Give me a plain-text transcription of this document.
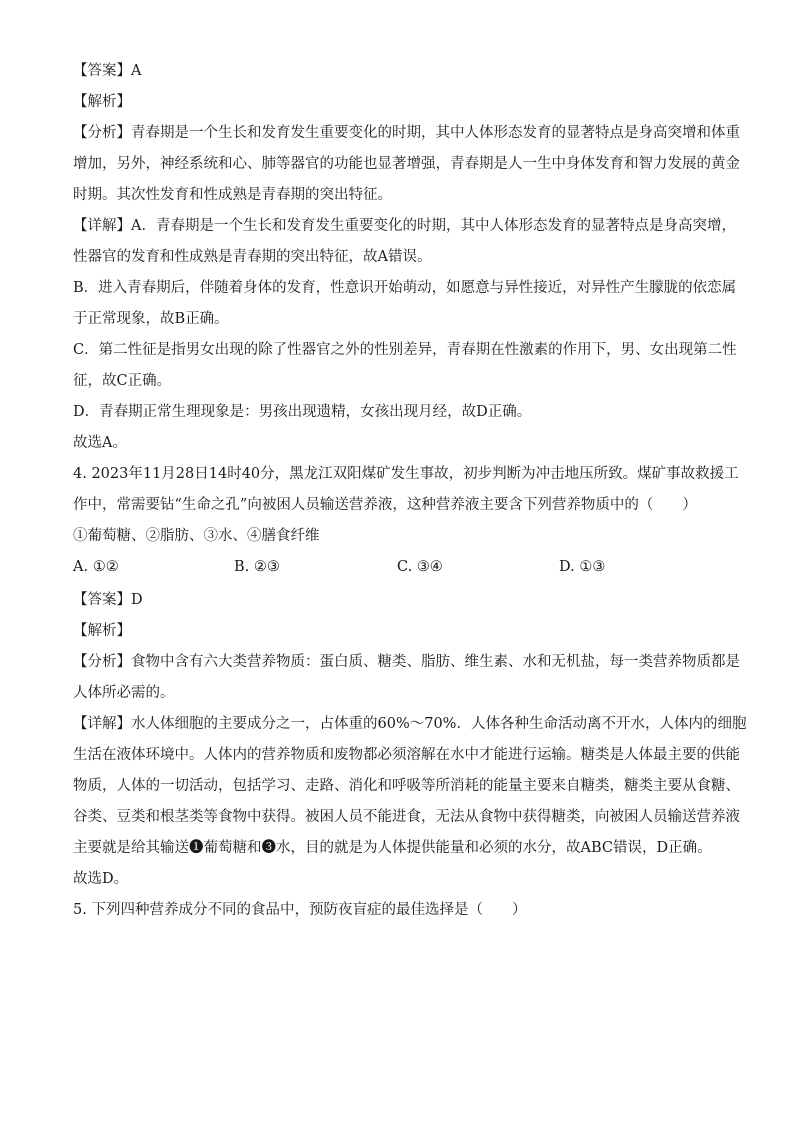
【答案】A
【解析】
【分析】青春期是一个生长和发育发生重要变化的时期，其中人体形态发育的显著特点是身高突增和体重
增加，另外，神经系统和心、肺等器官的功能也显著增强，青春期是人一生中身体发育和智力发展的黄金
时期。其次性发育和性成熟是青春期的突出特征。
【详解】A．青春期是一个生长和发育发生重要变化的时期，其中人体形态发育的显著特点是身高突增，
性器官的发育和性成熟是青春期的突出特征，故A错误。
B．进入青春期后，伴随着身体的发育，性意识开始萌动，如愿意与异性接近，对异性产生朦胧的依恋属
于正常现象，故B正确。
C．第二性征是指男女出现的除了性器官之外的性别差异，青春期在性激素的作用下，男、女出现第二性
征，故C正确。
D．青春期正常生理现象是：男孩出现遗精，女孩出现月经，故D正确。
故选A。
4. 2023年11月28日14时40分，黑龙江双阳煤矿发生事故，初步判断为冲击地压所致。煤矿事故救援工
作中，常需要钻“生命之孔”向被困人员输送营养液，这种营养液主要含下列营养物质中的（　　）
①葡萄糖、②脂肪、③水、④膳食纤维
A. ①②	B. ②③	C. ③④	D. ①③
【答案】D
【解析】
【分析】食物中含有六大类营养物质：蛋白质、糖类、脂肪、维生素、水和无机盐，每一类营养物质都是
人体所必需的。
【详解】水人体细胞的主要成分之一，占体重的60%～70%．人体各种生命活动离不开水，人体内的细胞
生活在液体环境中。人体内的营养物质和废物都必须溶解在水中才能进行运输。糖类是人体最主要的供能
物质，人体的一切活动，包括学习、走路、消化和呼吸等所消耗的能量主要来自糖类，糖类主要从食糖、
谷类、豆类和根茎类等食物中获得。被困人员不能进食，无法从食物中获得糖类，向被困人员输送营养液
主要就是给其输送❶葡萄糖和❸水，目的就是为人体提供能量和必须的水分，故ABC错误，D正确。
故选D。
5. 下列四种营养成分不同的食品中，预防夜盲症的最佳选择是（　　）
